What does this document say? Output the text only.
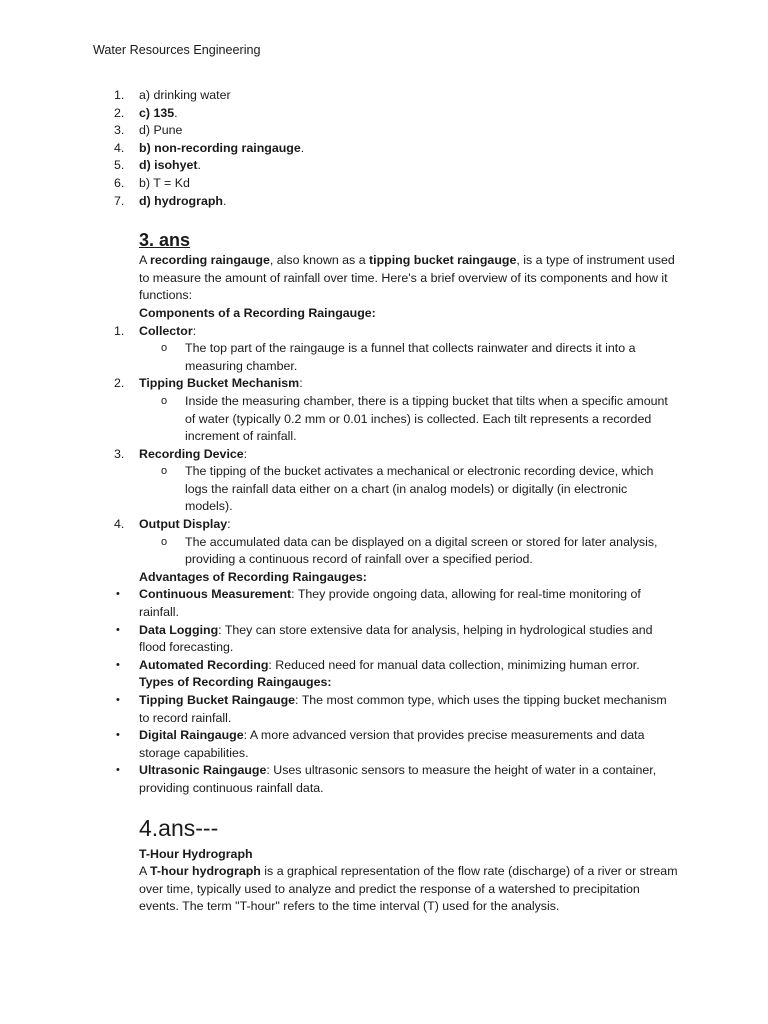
Water Resources Engineering
1.	a) drinking water
2.	c) 135.
3.	d) Pune
4.	b) non-recording raingauge.
5.	d) isohyet.
6.	b) T = Kd
7.	d) hydrograph.
3. ans
A recording raingauge, also known as a tipping bucket raingauge, is a type of instrument used to measure the amount of rainfall over time. Here's a brief overview of its components and how it functions:
Components of a Recording Raingauge:
1.	Collector:
o The top part of the raingauge is a funnel that collects rainwater and directs it into a measuring chamber.
2.	Tipping Bucket Mechanism:
o Inside the measuring chamber, there is a tipping bucket that tilts when a specific amount of water (typically 0.2 mm or 0.01 inches) is collected. Each tilt represents a recorded increment of rainfall.
3.	Recording Device:
o The tipping of the bucket activates a mechanical or electronic recording device, which logs the rainfall data either on a chart (in analog models) or digitally (in electronic models).
4.	Output Display:
o The accumulated data can be displayed on a digital screen or stored for later analysis, providing a continuous record of rainfall over a specified period.
Advantages of Recording Raingauges:
• Continuous Measurement: They provide ongoing data, allowing for real-time monitoring of rainfall.
• Data Logging: They can store extensive data for analysis, helping in hydrological studies and flood forecasting.
• Automated Recording: Reduced need for manual data collection, minimizing human error.
Types of Recording Raingauges:
• Tipping Bucket Raingauge: The most common type, which uses the tipping bucket mechanism to record rainfall.
• Digital Raingauge: A more advanced version that provides precise measurements and data storage capabilities.
• Ultrasonic Raingauge: Uses ultrasonic sensors to measure the height of water in a container, providing continuous rainfall data.
4.ans---
T-Hour Hydrograph
A T-hour hydrograph is a graphical representation of the flow rate (discharge) of a river or stream over time, typically used to analyze and predict the response of a watershed to precipitation events. The term "T-hour" refers to the time interval (T) used for the analysis.
